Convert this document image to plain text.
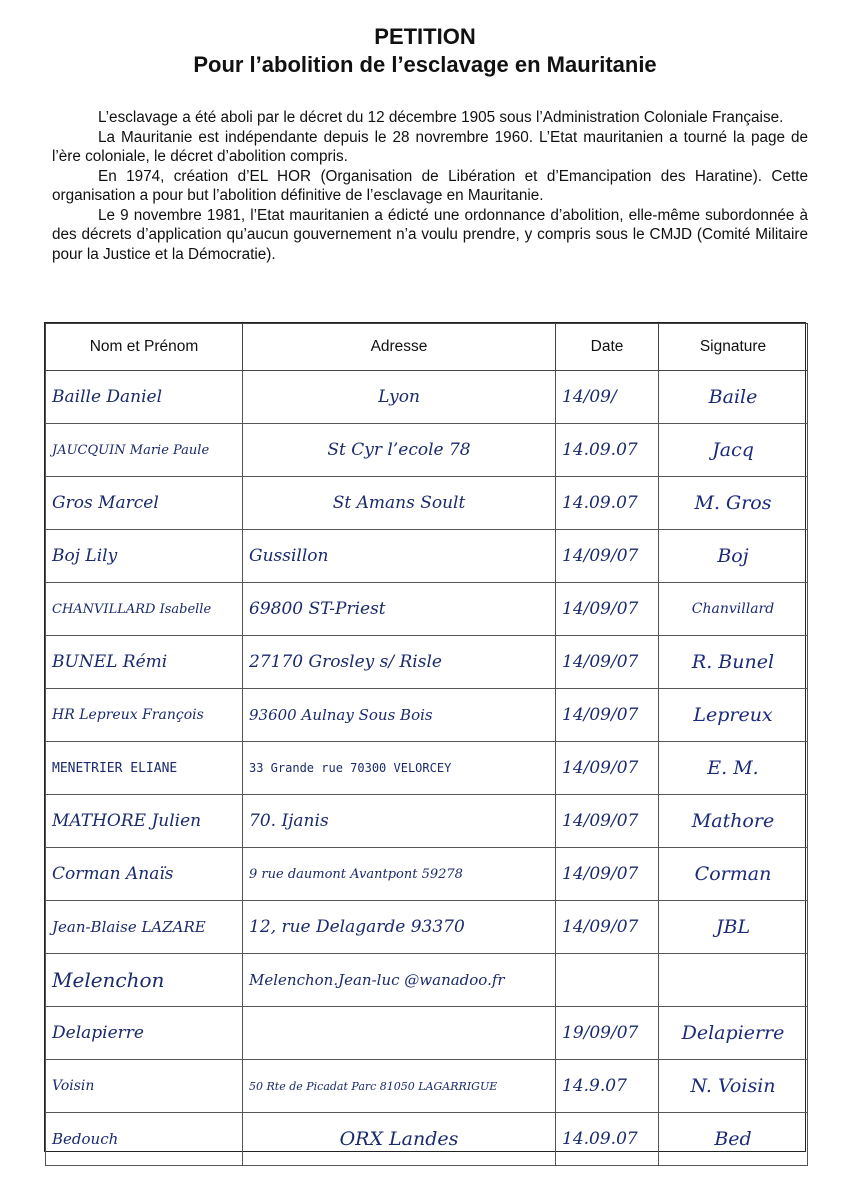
PETITION
Pour l’abolition de l’esclavage en Mauritanie

L’esclavage a été aboli par le décret du 12 décembre 1905 sous l’Administration Coloniale Française.

La Mauritanie est indépendante depuis le 28 novrembre 1960. L’Etat mauritanien a tourné la page de l’ère coloniale, le décret d’abolition compris.

En 1974, création d’EL HOR (Organisation de Libération et d’Emancipation des Haratine). Cette organisation a pour but l’abolition définitive de l’esclavage en Mauritanie.

Le 9 novembre 1981, l’Etat mauritanien a édicté une ordonnance d’abolition, elle-même subordonnée à des décrets d’application qu’aucun gouvernement n’a voulu prendre, y compris sous le CMJD (Comité Militaire pour la Justice et la Démocratie).

Nom et Prénom	Adresse	Date	Signature
Baille Daniel	Lyon	14/09/	Baile
JAUCQUIN Marie Paule	St Cyr l’ecole 78	14.09.07	Jacq
Gros Marcel	St Amans Soult	14.09.07	M. Gros
Boj Lily	Gussillon	14/09/07	Boj
CHANVILLARD Isabelle	69800 ST-Priest	14/09/07	Chanvillard
BUNEL Rémi	27170 Grosley s/ Risle	14/09/07	R. Bunel
HR Lepreux François	93600 Aulnay Sous Bois	14/09/07	Lepreux
MENETRIER ELIANE	33 Grande rue 70300 VELORCEY	14/09/07	E. M.
MATHORE Julien	70. Ijanis	14/09/07	Mathore
Corman Anaïs	9 rue daumont Avantpont 59278	14/09/07	Corman
Jean-Blaise LAZARE	12, rue Delagarde 93370	14/09/07	JBL
Melenchon	Melenchon.Jean-luc @wanadoo.fr		
Delapierre		19/09/07	Delapierre
Voisin	50 Rte de Picadat Parc 81050 LAGARRIGUE	14.9.07	N. Voisin
Bedouch	ORX Landes	14.09.07	Bed
